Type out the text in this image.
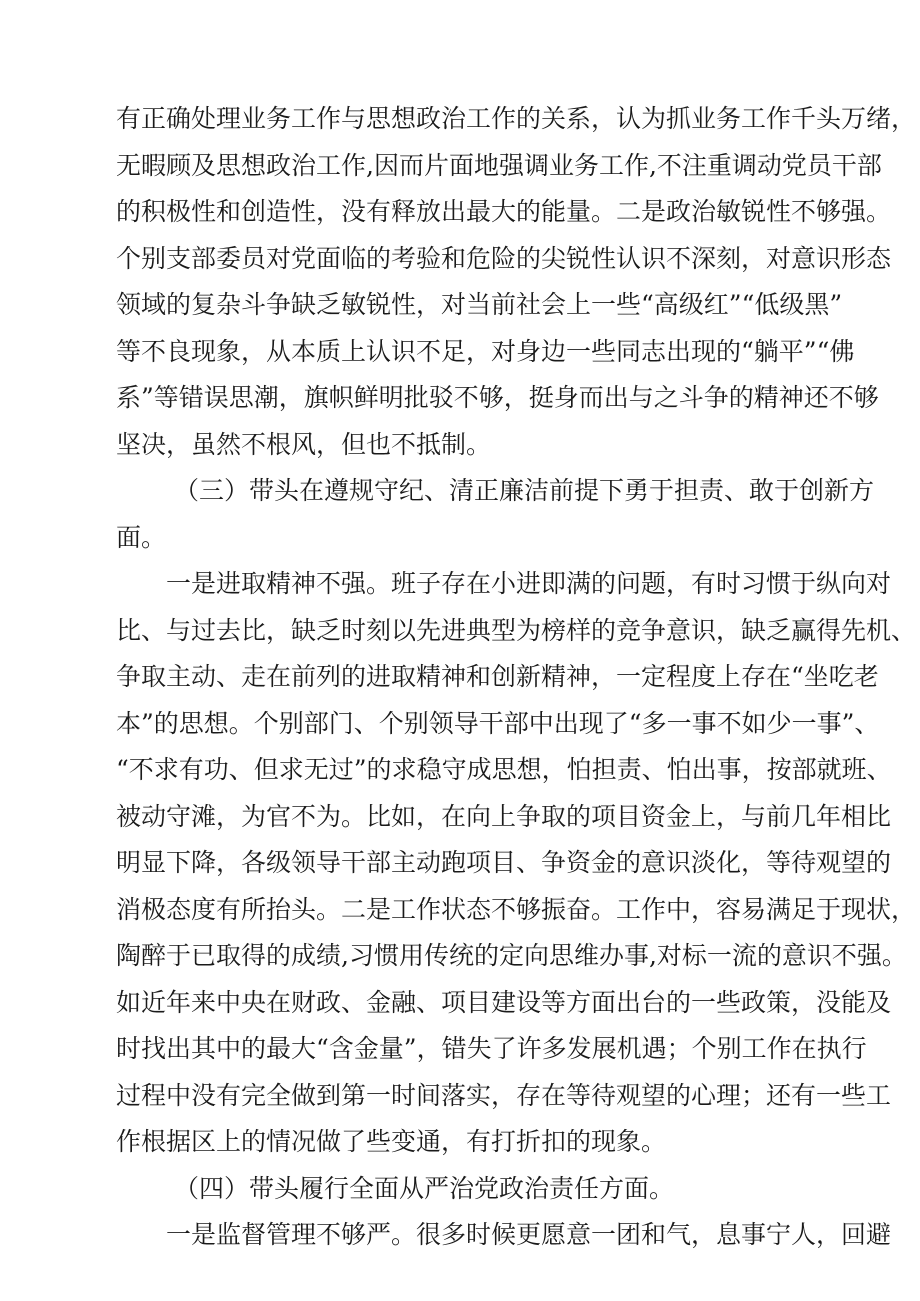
有正确处理业务工作与思想政治工作的关系，认为抓业务工作千头万绪，
无暇顾及思想政治工作,因而片面地强调业务工作,不注重调动党员干部
的积极性和创造性，没有释放出最大的能量。二是政治敏锐性不够强。
个别支部委员对党面临的考验和危险的尖锐性认识不深刻，对意识形态
领域的复杂斗争缺乏敏锐性，对当前社会上一些“高级红”“低级黑”
等不良现象，从本质上认识不足，对身边一些同志出现的“躺平”“佛
系”等错误思潮，旗帜鲜明批驳不够，挺身而出与之斗争的精神还不够
坚决，虽然不根风，但也不抵制。
（三）带头在遵规守纪、清正廉洁前提下勇于担责、敢于创新方
面。
一是进取精神不强。班子存在小进即满的问题，有时习惯于纵向对
比、与过去比，缺乏时刻以先进典型为榜样的竞争意识，缺乏赢得先机、
争取主动、走在前列的进取精神和创新精神，一定程度上存在“坐吃老
本”的思想。个别部门、个别领导干部中出现了“多一事不如少一事”、
“不求有功、但求无过”的求稳守成思想，怕担责、怕出事，按部就班、
被动守滩，为官不为。比如，在向上争取的项目资金上，与前几年相比
明显下降，各级领导干部主动跑项目、争资金的意识淡化，等待观望的
消极态度有所抬头。二是工作状态不够振奋。工作中，容易满足于现状，
陶醉于已取得的成绩,习惯用传统的定向思维办事,对标一流的意识不强。
如近年来中央在财政、金融、项目建设等方面出台的一些政策，没能及
时找出其中的最大“含金量”，错失了许多发展机遇；个别工作在执行
过程中没有完全做到第一时间落实，存在等待观望的心理；还有一些工
作根据区上的情况做了些变通，有打折扣的现象。
（四）带头履行全面从严治党政治责任方面。
一是监督管理不够严。很多时候更愿意一团和气，息事宁人，回避
